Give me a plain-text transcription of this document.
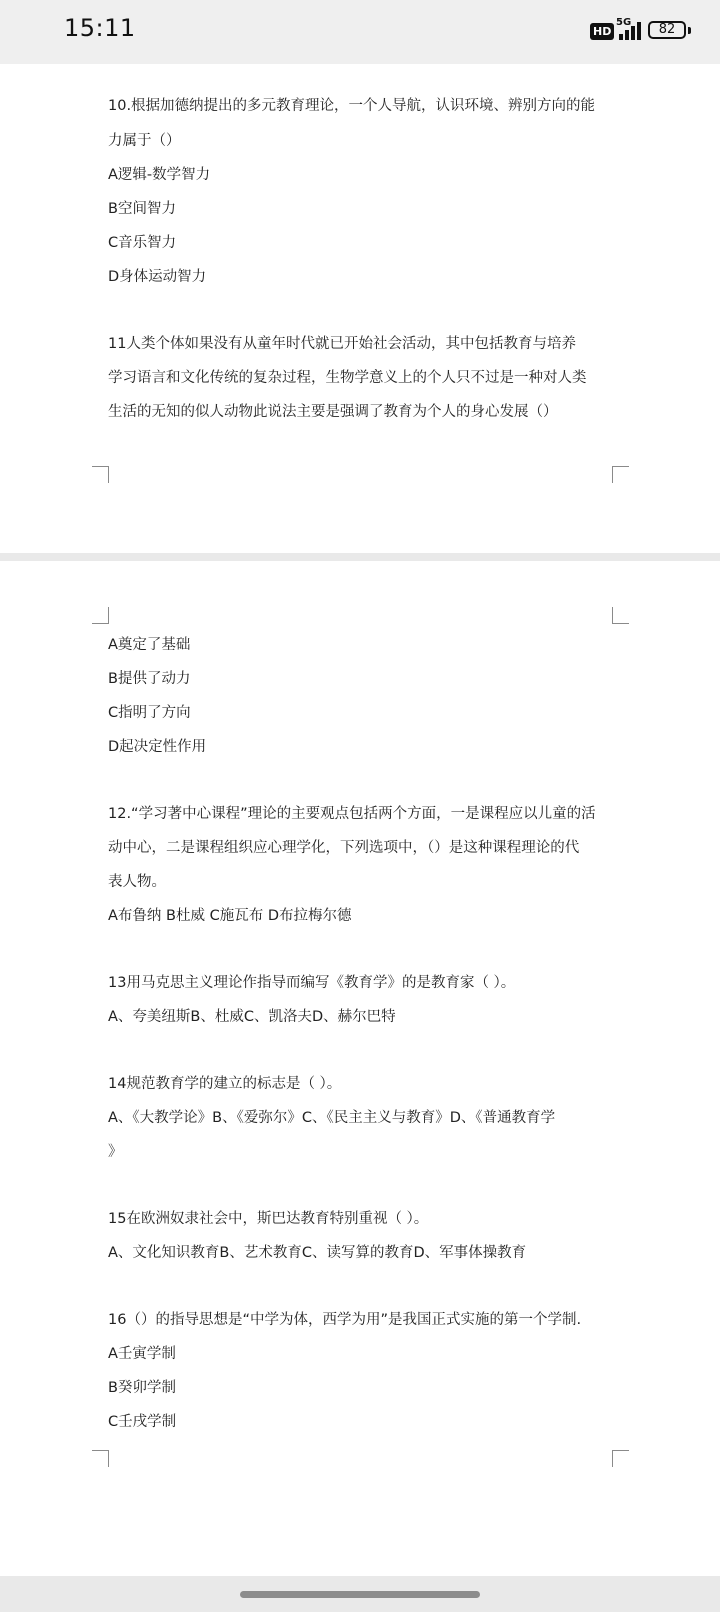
15:11	HD
5G	82

10.根据加德纳提出的多元教育理论，一个人导航，认识环境、辨别方向的能

力属于（）

A逻辑-数学智力

B空间智力

C音乐智力

D身体运动智力

11人类个体如果没有从童年时代就已开始社会活动，其中包括教育与培养

学习语言和文化传统的复杂过程，生物学意义上的个人只不过是一种对人类

生活的无知的似人动物此说法主要是强调了教育为个人的身心发展（）

A奠定了基础

B提供了动力

C指明了方向

D起决定性作用

12.“学习著中心课程”理论的主要观点包括两个方面，一是课程应以儿童的活

动中心，二是课程组织应心理学化，下列选项中，（）是这种课程理论的代

表人物。

A布鲁纳 B杜威 C施瓦布 D布拉梅尔德

13用马克思主义理论作指导而编写《教育学》的是教育家（ ）。

A、夸美纽斯B、杜威C、凯洛夫D、赫尔巴特

14规范教育学的建立的标志是（ ）。

A、《大教学论》B、《爱弥尔》C、《民主主义与教育》D、《普通教育学

》

15在欧洲奴隶社会中，斯巴达教育特别重视（ ）。

A、文化知识教育B、艺术教育C、读写算的教育D、军事体操教育

16（）的指导思想是“中学为体，西学为用”是我国正式实施的第一个学制.

A壬寅学制

B癸卯学制

C壬戌学制
